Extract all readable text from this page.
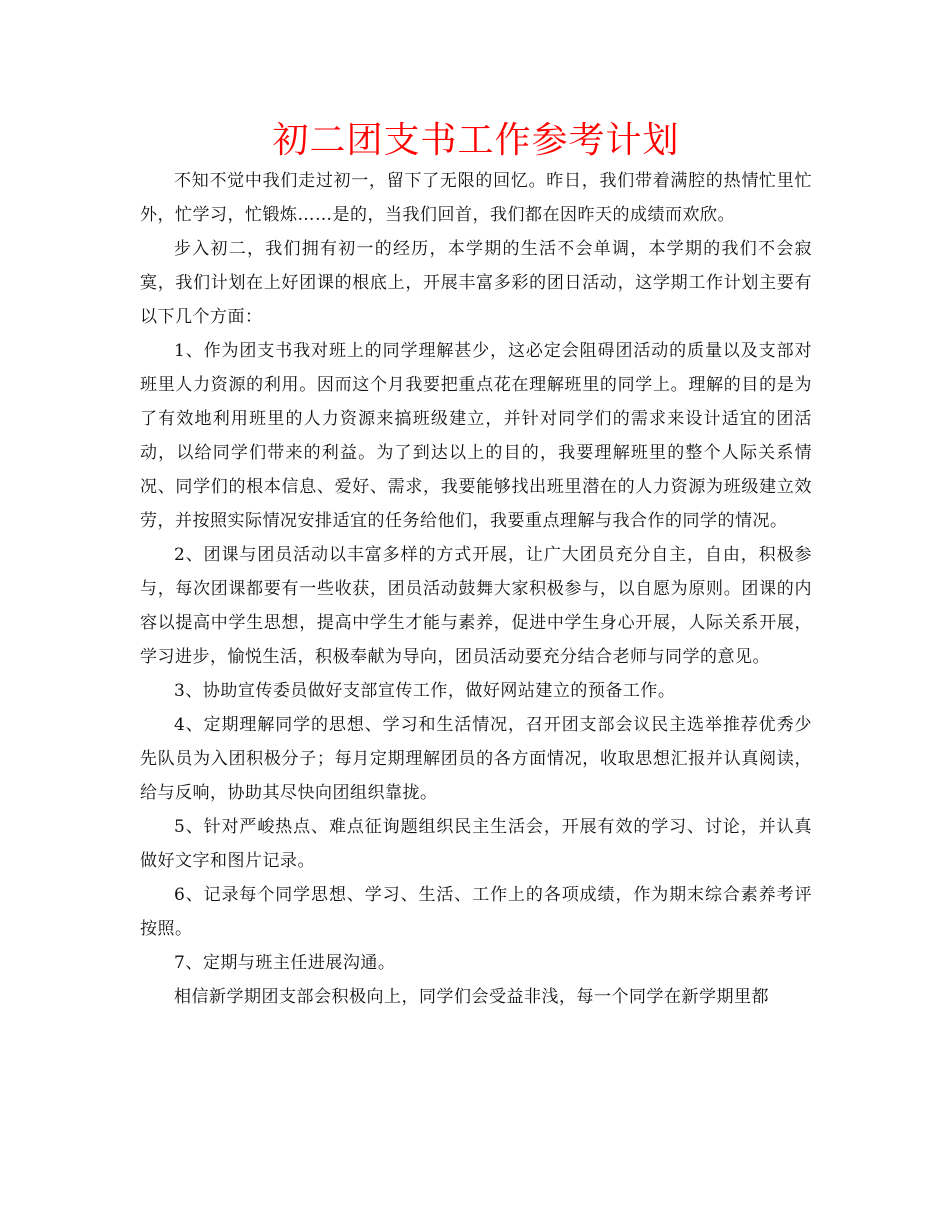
初二团支书工作参考计划

不知不觉中我们走过初一，留下了无限的回忆。昨日，我们带着满腔的热情忙里忙外，忙学习，忙锻炼……是的，当我们回首，我们都在因昨天的成绩而欢欣。

步入初二，我们拥有初一的经历，本学期的生活不会单调，本学期的我们不会寂寞，我们计划在上好团课的根底上，开展丰富多彩的团日活动，这学期工作计划主要有以下几个方面：

1、作为团支书我对班上的同学理解甚少，这必定会阻碍团活动的质量以及支部对班里人力资源的利用。因而这个月我要把重点花在理解班里的同学上。理解的目的是为了有效地利用班里的人力资源来搞班级建立，并针对同学们的需求来设计适宜的团活动，以给同学们带来的利益。为了到达以上的目的，我要理解班里的整个人际关系情况、同学们的根本信息、爱好、需求，我要能够找出班里潜在的人力资源为班级建立效劳，并按照实际情况安排适宜的任务给他们，我要重点理解与我合作的同学的情况。

2、团课与团员活动以丰富多样的方式开展，让广大团员充分自主，自由，积极参与，每次团课都要有一些收获，团员活动鼓舞大家积极参与，以自愿为原则。团课的内容以提高中学生思想，提高中学生才能与素养，促进中学生身心开展，人际关系开展，学习进步，愉悦生活，积极奉献为导向，团员活动要充分结合老师与同学的意见。

3、协助宣传委员做好支部宣传工作，做好网站建立的预备工作。

4、定期理解同学的思想、学习和生活情况，召开团支部会议民主选举推荐优秀少先队员为入团积极分子；每月定期理解团员的各方面情况，收取思想汇报并认真阅读，给与反响，协助其尽快向团组织靠拢。

5、针对严峻热点、难点征询题组织民主生活会，开展有效的学习、讨论，并认真做好文字和图片记录。

6、记录每个同学思想、学习、生活、工作上的各项成绩，作为期末综合素养考评按照。

7、定期与班主任进展沟通。

相信新学期团支部会积极向上，同学们会受益非浅，每一个同学在新学期里都
